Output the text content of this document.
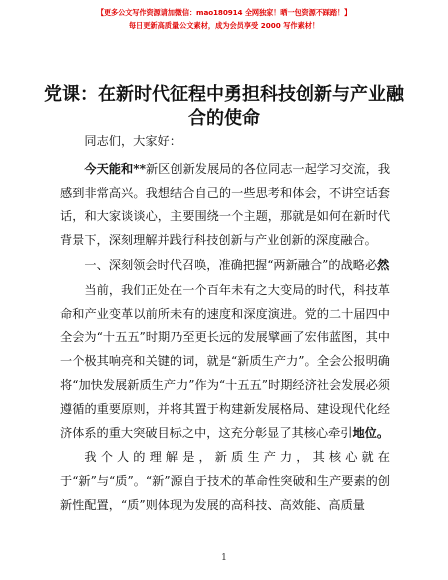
【更多公文写作资源请加微信：mao180914 全网独家！晒一包资源不踩踏！】
每日更新高质量公文素材，成为会员享受 2000 写作素材！
党课：在新时代征程中勇担科技创新与产业融合的使命

同志们，大家好：

今天能和**新区创新发展局的各位同志一起学习交流，我感到非常高兴。我想结合自己的一些思考和体会，不讲空话套话，和大家谈谈心，主要围绕一个主题，那就是如何在新时代背景下，深刻理解并践行科技创新与产业创新的深度融合。

一、深刻领会时代召唤，准确把握“两新融合”的战略必然

当前，我们正处在一个百年未有之大变局的时代，科技革命和产业变革以前所未有的速度和深度演进。党的二十届四中全会为“十五五”时期乃至更长远的发展擘画了宏伟蓝图，其中一个极其响亮和关键的词，就是“新质生产力”。全会公报明确将“加快发展新质生产力”作为“十五五”时期经济社会发展必须遵循的重要原则，并将其置于构建新发展格局、建设现代化经济体系的重大突破目标之中，这充分彰显了其核心牵引地位。

我个人的理解是，新质生产力，其核心就在于“新”与“质”。“新”源自于技术的革命性突破和生产要素的创新性配置，“质”则体现为发展的高科技、高效能、高质量

1
